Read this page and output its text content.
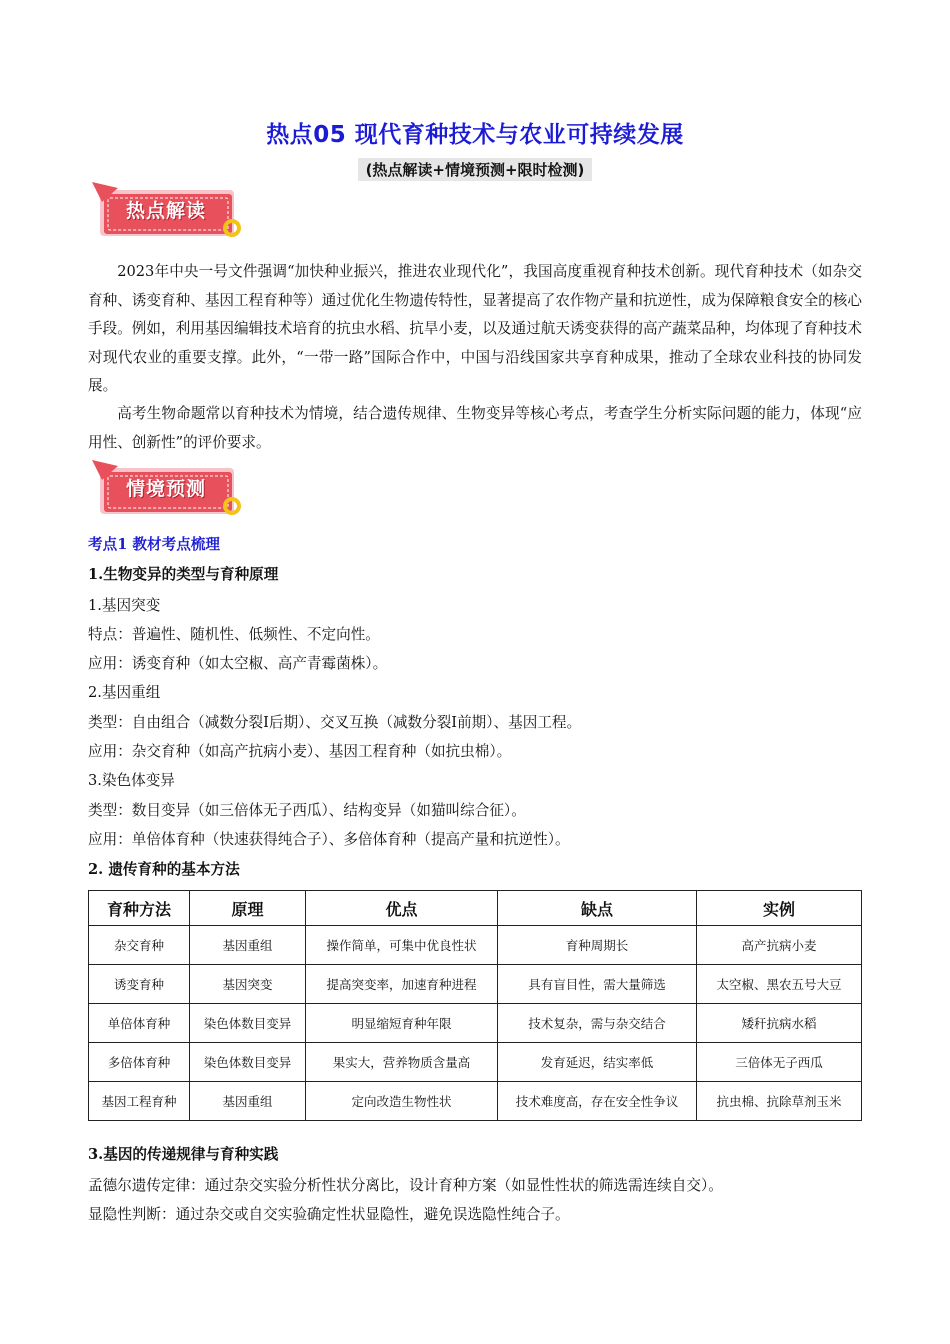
热点05 现代育种技术与农业可持续发展
(热点解读+情境预测+限时检测)
热点解读

2023年中央一号文件强调“加快种业振兴，推进农业现代化”，我国高度重视育种技术创新。现代育种技术（如杂交育种、诱变育种、基因工程育种等）通过优化生物遗传特性，显著提高了农作物产量和抗逆性，成为保障粮食安全的核心手段。例如，利用基因编辑技术培育的抗虫水稻、抗旱小麦，以及通过航天诱变获得的高产蔬菜品种，均体现了育种技术对现代农业的重要支撑。此外，“一带一路”国际合作中，中国与沿线国家共享育种成果，推动了全球农业科技的协同发展。

高考生物命题常以育种技术为情境，结合遗传规律、生物变异等核心考点，考查学生分析实际问题的能力，体现“应用性、创新性”的评价要求。

情境预测
考点1 教材考点梳理
1.生物变异的类型与育种原理
1.基因突变
特点：普遍性、随机性、低频性、不定向性。
应用：诱变育种（如太空椒、高产青霉菌株）。
2.基因重组
类型：自由组合（减数分裂Ⅰ后期）、交叉互换（减数分裂Ⅰ前期）、基因工程。
应用：杂交育种（如高产抗病小麦）、基因工程育种（如抗虫棉）。
3.染色体变异
类型：数目变异（如三倍体无子西瓜）、结构变异（如猫叫综合征）。
应用：单倍体育种（快速获得纯合子）、多倍体育种（提高产量和抗逆性）。
2. 遗传育种的基本方法
育种方法	原理	优点	缺点	实例
杂交育种	基因重组	操作简单，可集中优良性状	育种周期长	高产抗病小麦
诱变育种	基因突变	提高突变率，加速育种进程	具有盲目性，需大量筛选	太空椒、黑农五号大豆
单倍体育种	染色体数目变异	明显缩短育种年限	技术复杂，需与杂交结合	矮秆抗病水稻
多倍体育种	染色体数目变异	果实大，营养物质含量高	发育延迟，结实率低	三倍体无子西瓜
基因工程育种	基因重组	定向改造生物性状	技术难度高，存在安全性争议	抗虫棉、抗除草剂玉米
3.基因的传递规律与育种实践
孟德尔遗传定律：通过杂交实验分析性状分离比，设计育种方案（如显性性状的筛选需连续自交）。
显隐性判断：通过杂交或自交实验确定性状显隐性，避免误选隐性纯合子。
